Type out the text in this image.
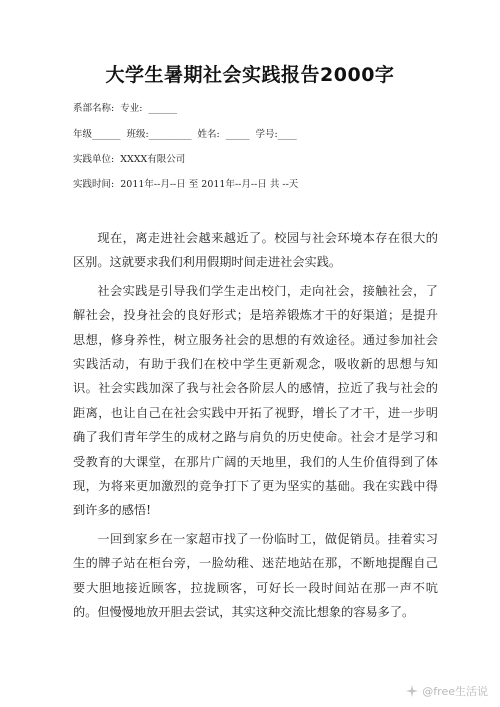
大学生暑期社会实践报告2000字
系部名称:  专业:  ______
年级______  班级:_________  姓名:  _____  学号:____
实践单位:  XXXX有限公司
实践时间:  2011年--月--日 至 2011年--月--日 共 --天

现在，离走进社会越来越近了。校园与社会环境本存在很大的区别。这就要求我们利用假期时间走进社会实践。

社会实践是引导我们学生走出校门，走向社会，接触社会，了解社会，投身社会的良好形式；是培养锻炼才干的好渠道；是提升思想，修身养性，树立服务社会的思想的有效途径。通过参加社会实践活动，有助于我们在校中学生更新观念，吸收新的思想与知识。社会实践加深了我与社会各阶层人的感情，拉近了我与社会的距离，也让自己在社会实践中开拓了视野，增长了才干，进一步明确了我们青年学生的成材之路与肩负的历史使命。社会才是学习和受教育的大课堂，在那片广阔的天地里，我们的人生价值得到了体现，为将来更加激烈的竞争打下了更为坚实的基础。我在实践中得到许多的感悟!

一回到家乡在一家超市找了一份临时工，做促销员。挂着实习生的牌子站在柜台旁，一脸幼稚、迷茫地站在那，不断地提醒自己要大胆地接近顾客，拉拢顾客，可好长一段时间站在那一声不吭的。但慢慢地放开胆去尝试，其实这种交流比想象的容易多了。

@free生活说
